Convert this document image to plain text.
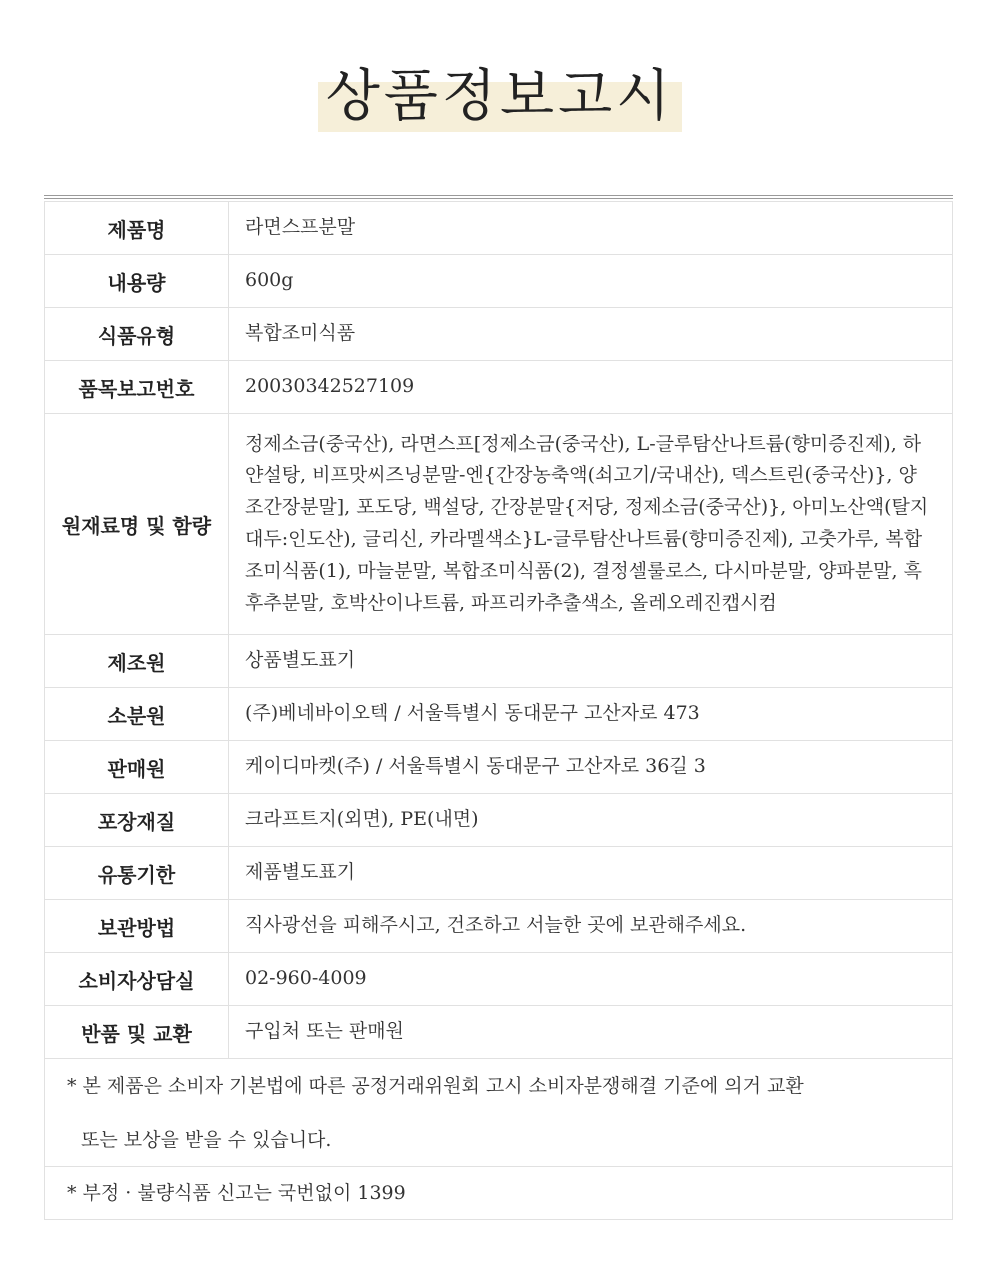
상품정보고시
제품명	라면스프분말
내용량	600g
식품유형	복합조미식품
품목보고번호	20030342527109
원재료명 및 함량	정제소금(중국산), 라면스프[정제소금(중국산), L-글루탐산나트륨(향미증진제), 하얀설탕, 비프맛씨즈닝분말-엔{간장농축액(쇠고기/국내산), 덱스트린(중국산)}, 양조간장분말], 포도당, 백설당, 간장분말{저당, 정제소금(중국산)}, 아미노산액(탈지대두:인도산), 글리신, 카라멜색소}L-글루탐산나트륨(향미증진제), 고춧가루, 복합조미식품(1), 마늘분말, 복합조미식품(2), 결정셀룰로스, 다시마분말, 양파분말, 흑후추분말, 호박산이나트륨, 파프리카추출색소, 올레오레진캡시컴
제조원	상품별도표기
소분원	(주)베네바이오텍 / 서울특별시 동대문구 고산자로 473
판매원	케이디마켓(주) / 서울특별시 동대문구 고산자로 36길 3
포장재질	크라프트지(외면), PE(내면)
유통기한	제품별도표기
보관방법	직사광선을 피해주시고, 건조하고 서늘한 곳에 보관해주세요.
소비자상담실	02-960-4009
반품 및 교환	구입처 또는 판매원

* 본 제품은 소비자 기본법에 따른 공정거래위원회 고시 소비자분쟁해결 기준에 의거 교환
또는 보상을 받을 수 있습니다.	

* 부정 · 불량식품 신고는 국번없이 1399	
